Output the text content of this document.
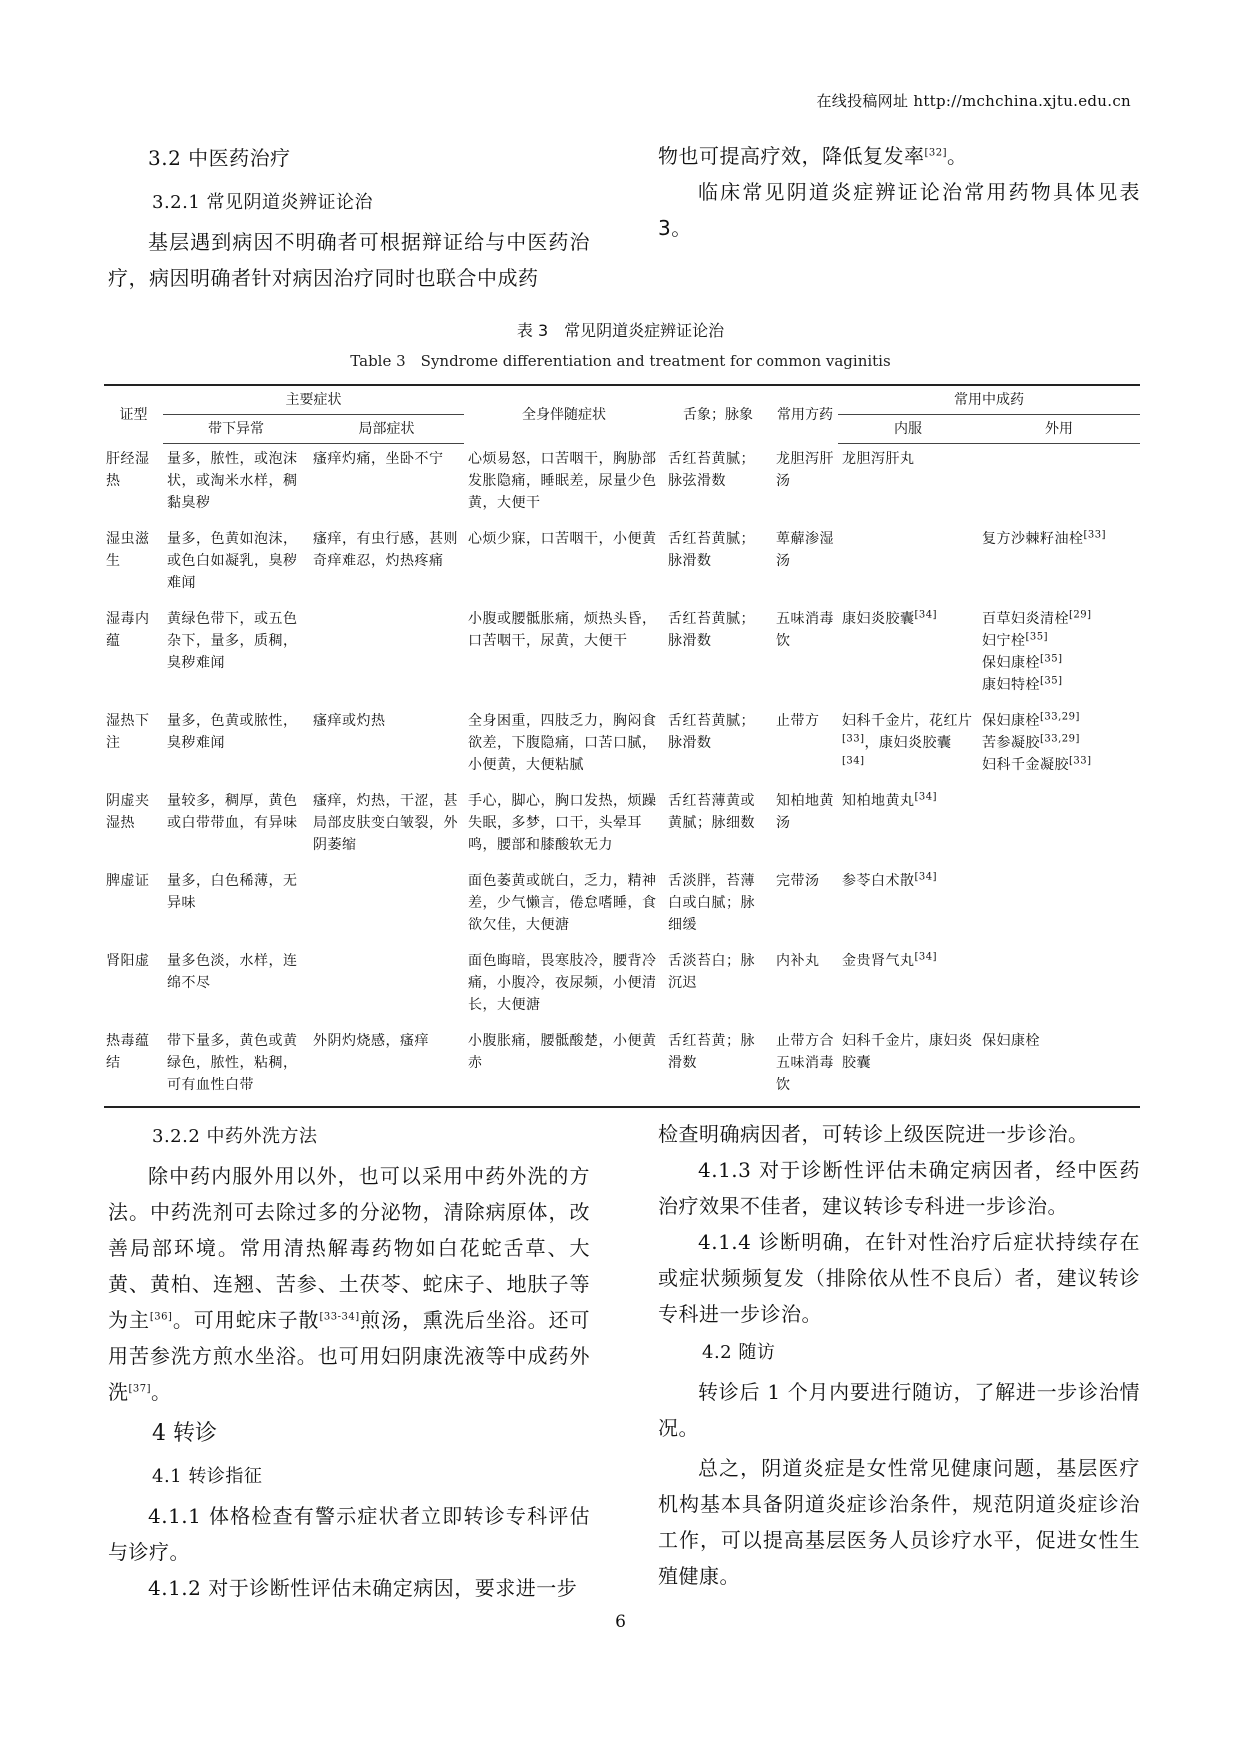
在线投稿网址 http://mchchina.xjtu.edu.cn
3.2 中医药治疗
3.2.1 常见阴道炎辨证论治

基层遇到病因不明确者可根据辩证给与中医药治疗，病因明确者针对病因治疗同时也联合中成药

物也可提高疗效，降低复发率[32]。

临床常见阴道炎症辨证论治常用药物具体见表 3。

表 3　常见阴道炎症辨证论治
Table 3　Syndrome differentiation and treatment for common vaginitis
证型	主要症状		全身伴随症状	舌象；脉象	常用方药	常用中成药	
	带下异常	局部症状				内服	外用
肝经湿热	量多，脓性，或泡沫状，或淘米水样，稠黏臭秽	瘙痒灼痛，坐卧不宁	心烦易怒，口苦咽干，胸胁部发胀隐痛，睡眠差，尿量少色黄，大便干	舌红苔黄腻；脉弦滑数	龙胆泻肝汤	龙胆泻肝丸	
湿虫滋生	量多，色黄如泡沫，或色白如凝乳，臭秽难闻	瘙痒，有虫行感，甚则奇痒难忍，灼热疼痛	心烦少寐，口苦咽干，小便黄	舌红苔黄腻；脉滑数	萆薢渗湿汤		复方沙棘籽油栓[33]

湿毒内蕴	黄绿色带下，或五色杂下，量多，质稠，臭秽难闻		小腹或腰骶胀痛，烦热头昏，口苦咽干，尿黄，大便干	舌红苔黄腻；脉滑数	五味消毒饮	康妇炎胶囊[34]	百草妇炎清栓[29]
妇宁栓[35]
保妇康栓[35]
康妇特栓[35]

湿热下注	量多，色黄或脓性，臭秽难闻	瘙痒或灼热	全身困重，四肢乏力，胸闷食欲差，下腹隐痛，口苦口腻，小便黄，大便粘腻	舌红苔黄腻；脉滑数	止带方	妇科千金片，花红片[33]，康妇炎胶囊[34]	保妇康栓[33,29]
苦参凝胶[33,29]
妇科千金凝胶[33]

阴虚夹湿热	量较多，稠厚，黄色或白带带血，有异味	瘙痒，灼热，干涩，甚局部皮肤变白皱裂，外阴萎缩	手心，脚心，胸口发热，烦躁失眠，多梦，口干，头晕耳鸣，腰部和膝酸软无力	舌红苔薄黄或黄腻；脉细数	知柏地黄汤	知柏地黄丸[34]	
脾虚证	量多，白色稀薄，无异味		面色萎黄或㿠白，乏力，精神差，少气懒言，倦怠嗜睡，食欲欠佳，大便溏	舌淡胖，苔薄白或白腻；脉细缓	完带汤	参苓白术散[34]	
肾阳虚	量多色淡，水样，连绵不尽		面色晦暗，畏寒肢冷，腰背冷痛，小腹冷，夜尿频，小便清长，大便溏	舌淡苔白；脉沉迟	内补丸	金贵肾气丸[34]	
热毒蕴结	带下量多，黄色或黄绿色，脓性，粘稠，可有血性白带	外阴灼烧感，瘙痒	小腹胀痛，腰骶酸楚，小便黄赤	舌红苔黄；脉滑数	止带方合五味消毒饮	妇科千金片，康妇炎胶囊	保妇康栓
3.2.2 中药外洗方法

除中药内服外用以外，也可以采用中药外洗的方法。中药洗剂可去除过多的分泌物，清除病原体，改善局部环境。常用清热解毒药物如白花蛇舌草、大黄、黄柏、连翘、苦参、土茯苓、蛇床子、地肤子等为主[36]。可用蛇床子散[33-34]煎汤，熏洗后坐浴。还可用苦参洗方煎水坐浴。也可用妇阴康洗液等中成药外洗[37]。

4 转诊
4.1 转诊指征

4.1.1 体格检查有警示症状者立即转诊专科评估与诊疗。

4.1.2 对于诊断性评估未确定病因，要求进一步

检查明确病因者，可转诊上级医院进一步诊治。

4.1.3 对于诊断性评估未确定病因者，经中医药治疗效果不佳者，建议转诊专科进一步诊治。

4.1.4 诊断明确，在针对性治疗后症状持续存在或症状频频复发（排除依从性不良后）者，建议转诊专科进一步诊治。

4.2 随访

转诊后 1 个月内要进行随访，了解进一步诊治情况。

总之，阴道炎症是女性常见健康问题，基层医疗机构基本具备阴道炎症诊治条件，规范阴道炎症诊治工作，可以提高基层医务人员诊疗水平，促进女性生殖健康。

6
